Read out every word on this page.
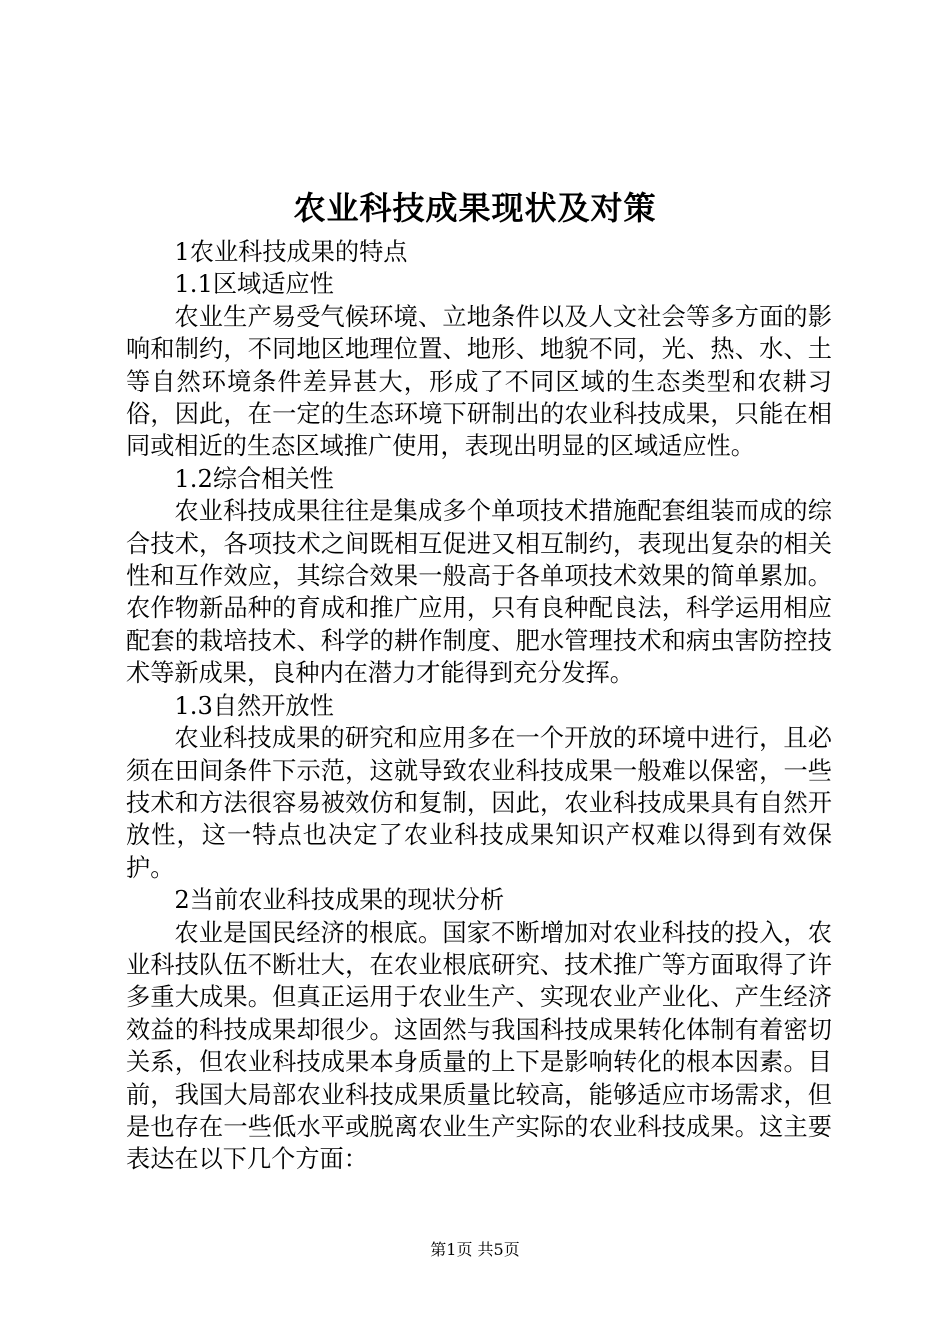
农业科技成果现状及对策

1农业科技成果的特点

1.1区域适应性

农业生产易受气候环境、立地条件以及人文社会等多方面的影响和制约，不同地区地理位置、地形、地貌不同，光、热、水、土等自然环境条件差异甚大，形成了不同区域的生态类型和农耕习俗，因此，在一定的生态环境下研制出的农业科技成果，只能在相同或相近的生态区域推广使用，表现出明显的区域适应性。

1.2综合相关性

农业科技成果往往是集成多个单项技术措施配套组装而成的综合技术，各项技术之间既相互促进又相互制约，表现出复杂的相关性和互作效应，其综合效果一般高于各单项技术效果的简单累加。农作物新品种的育成和推广应用，只有良种配良法，科学运用相应配套的栽培技术、科学的耕作制度、肥水管理技术和病虫害防控技术等新成果，良种内在潜力才能得到充分发挥。

1.3自然开放性

农业科技成果的研究和应用多在一个开放的环境中进行，且必须在田间条件下示范，这就导致农业科技成果一般难以保密，一些技术和方法很容易被效仿和复制，因此，农业科技成果具有自然开放性，这一特点也决定了农业科技成果知识产权难以得到有效保护。

2当前农业科技成果的现状分析

农业是国民经济的根底。国家不断增加对农业科技的投入，农业科技队伍不断壮大，在农业根底研究、技术推广等方面取得了许多重大成果。但真正运用于农业生产、实现农业产业化、产生经济效益的科技成果却很少。这固然与我国科技成果转化体制有着密切关系，但农业科技成果本身质量的上下是影响转化的根本因素。目前，我国大局部农业科技成果质量比较高，能够适应市场需求，但是也存在一些低水平或脱离农业生产实际的农业科技成果。这主要表达在以下几个方面：

第1页 共5页
